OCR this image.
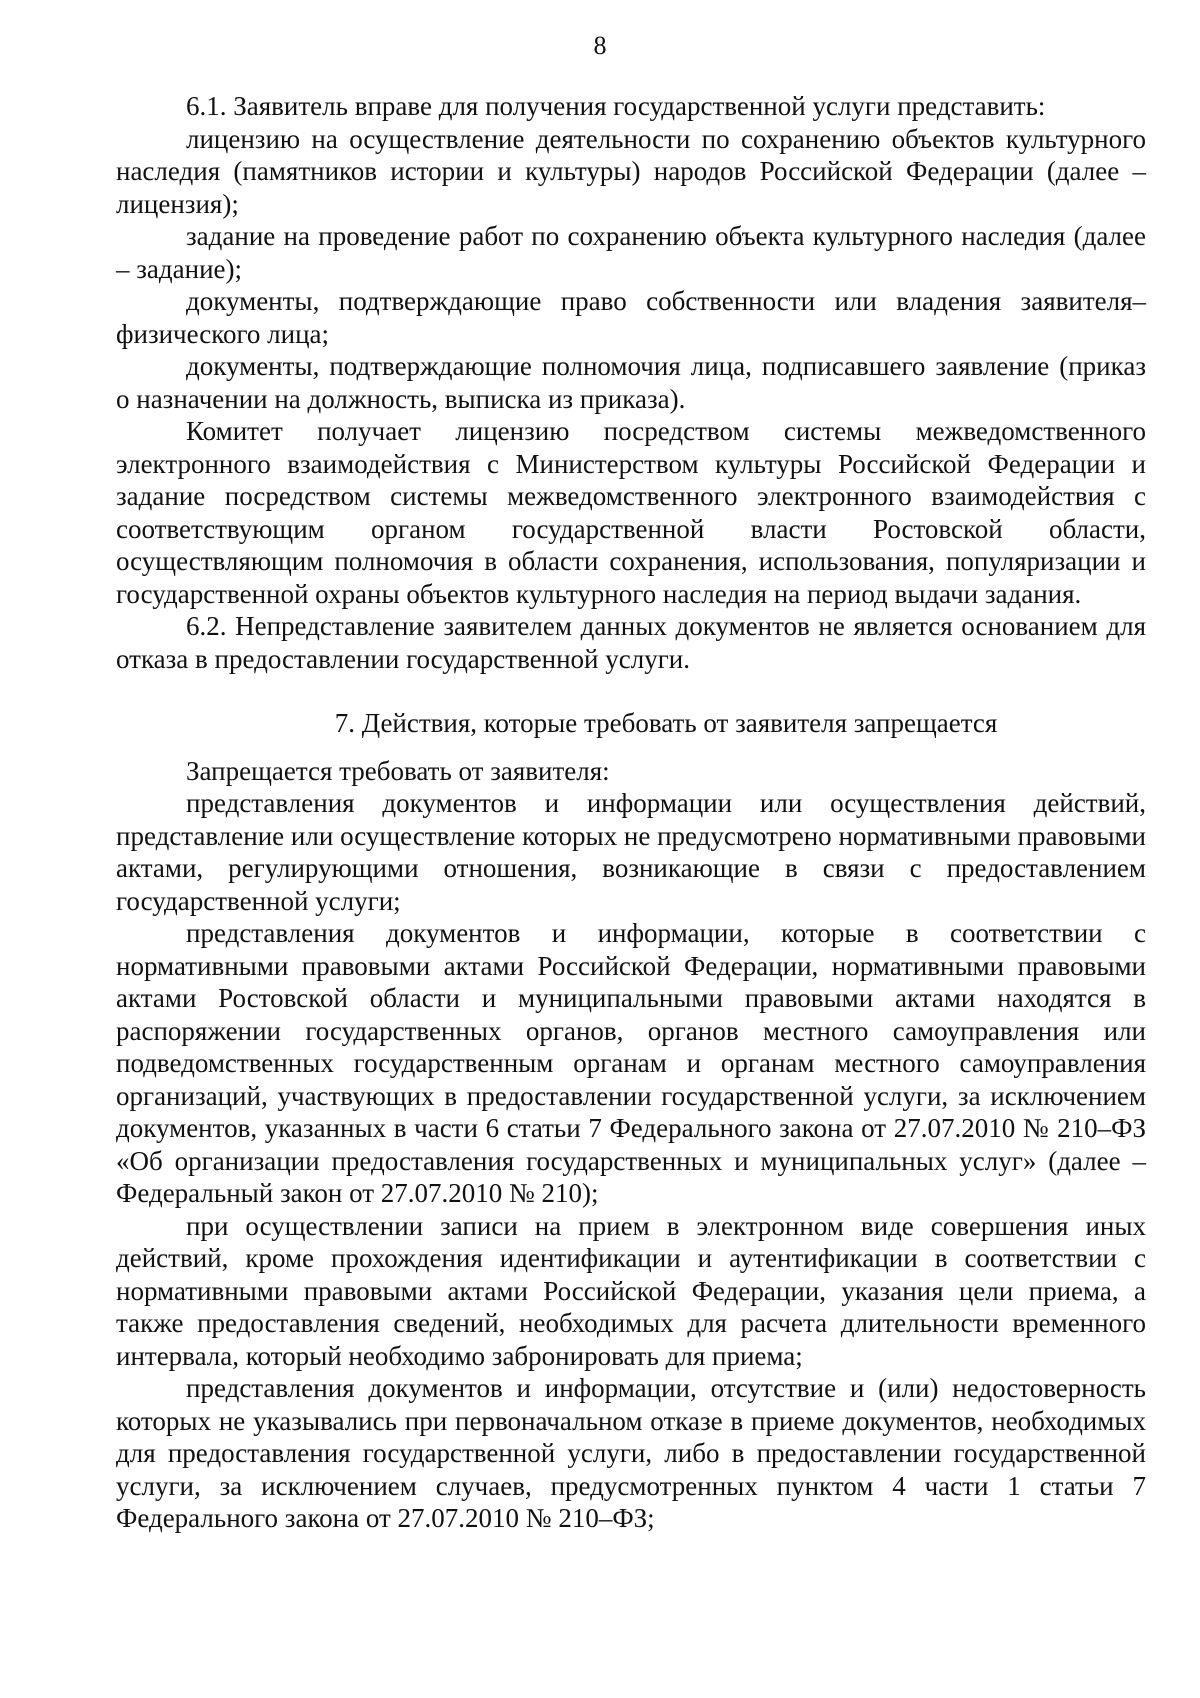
8

6.1. Заявитель вправе для получения государственной услуги представить:

лицензию на осуществление деятельности по сохранению объектов культурного наследия (памятников истории и культуры) народов Российской Федерации (далее – лицензия);

задание на проведение работ по сохранению объекта культурного наследия (далее – задание);

документы, подтверждающие право собственности или владения заявителя–физического лица;

документы, подтверждающие полномочия лица, подписавшего заявление (приказ о назначении на должность, выписка из приказа).

Комитет получает лицензию посредством системы межведомственного электронного взаимодействия с Министерством культуры Российской Федерации и задание посредством системы межведомственного электронного взаимодействия с соответствующим органом государственной власти Ростовской области, осуществляющим полномочия в области сохранения, использования, популяризации и государственной охраны объектов культурного наследия на период выдачи задания.

6.2. Непредставление заявителем данных документов не является основанием для отказа в предоставлении государственной услуги.

7. Действия, которые требовать от заявителя запрещается

Запрещается требовать от заявителя:

представления документов и информации или осуществления действий, представление или осуществление которых не предусмотрено нормативными правовыми актами, регулирующими отношения, возникающие в связи с предоставлением государственной услуги;

представления документов и информации, которые в соответствии с нормативными правовыми актами Российской Федерации, нормативными правовыми актами Ростовской области и муниципальными правовыми актами находятся в распоряжении государственных органов, органов местного самоуправления или подведомственных государственным органам и органам местного самоуправления организаций, участвующих в предоставлении государственной услуги, за исключением документов, указанных в части 6 статьи 7 Федерального закона от 27.07.2010 № 210–ФЗ «Об организации предоставления государственных и муниципальных услуг» (далее – Федеральный закон от 27.07.2010 № 210);

при осуществлении записи на прием в электронном виде совершения иных действий, кроме прохождения идентификации и аутентификации в соответствии с нормативными правовыми актами Российской Федерации, указания цели приема, а также предоставления сведений, необходимых для расчета длительности временного интервала, который необходимо забронировать для приема;

представления документов и информации, отсутствие и (или) недостоверность которых не указывались при первоначальном отказе в приеме документов, необходимых для предоставления государственной услуги, либо в предоставлении государственной услуги, за исключением случаев, предусмотренных пунктом 4 части 1 статьи 7 Федерального закона от 27.07.2010 № 210–ФЗ;
